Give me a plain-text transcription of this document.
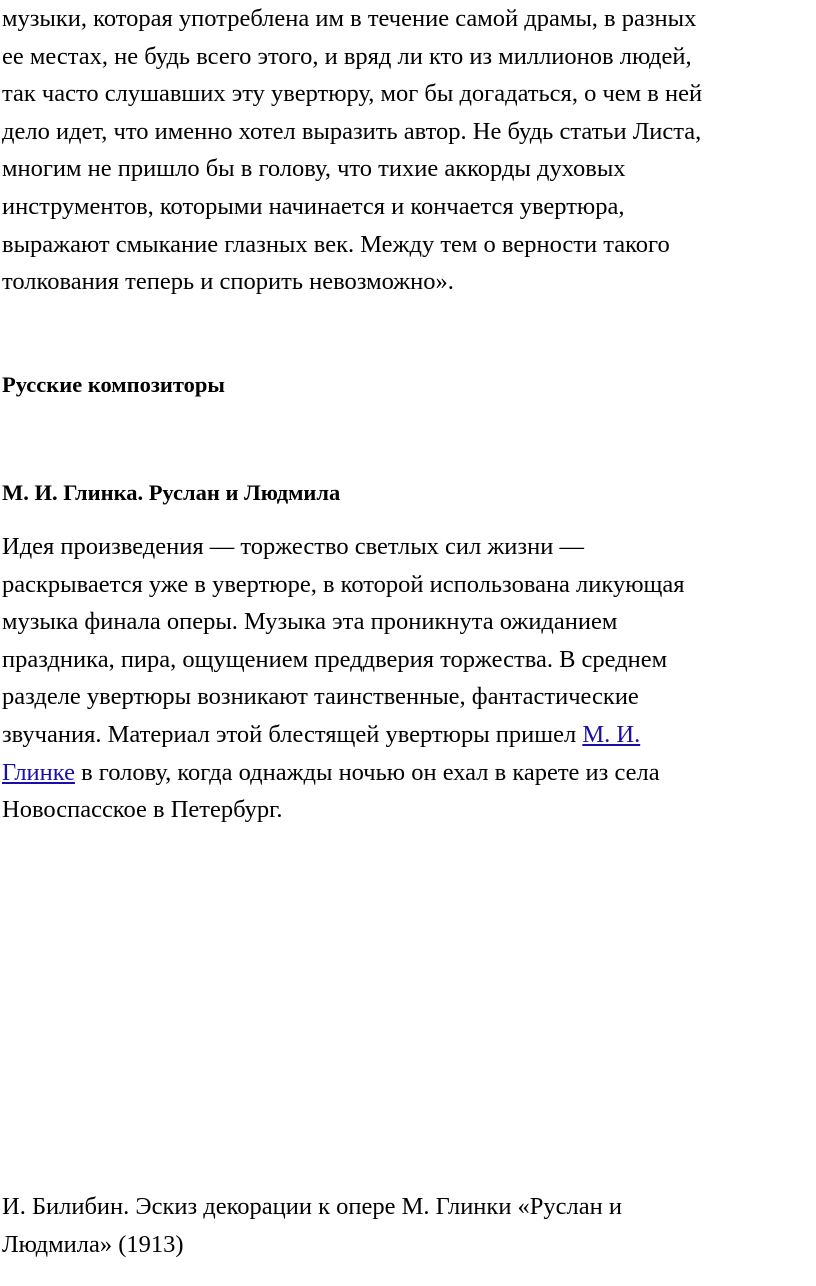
музыки, которая употреблена им в течение самой драмы, в разных
ее местах, не будь всего этого, и вряд ли кто из миллионов людей,
так часто слушавших эту увертюру, мог бы догадаться, о чем в ней
дело идет, что именно хотел выразить автор. Не будь статьи Листа,
многим не пришло бы в голову, что тихие аккорды духовых
инструментов, которыми начинается и кончается увертюра,
выражают смыкание глазных век. Между тем о верности такого
толкования теперь и спорить невозможно».

Русские композиторы
М. И. Глинка. Руслан и Людмила

Идея произведения — торжество светлых сил жизни —
раскрывается уже в увертюре, в которой использована ликующая
музыка финала оперы. Музыка эта проникнута ожиданием
праздника, пира, ощущением преддверия торжества. В среднем
разделе увертюры возникают таинственные, фантастические
звучания. Материал этой блестящей увертюры пришел М. И.
Глинке в голову, когда однажды ночью он ехал в карете из села
Новоспасское в Петербург.

И. Билибин. Эскиз декорации к опере М. Глинки «Руслан и
Людмила» (1913)
